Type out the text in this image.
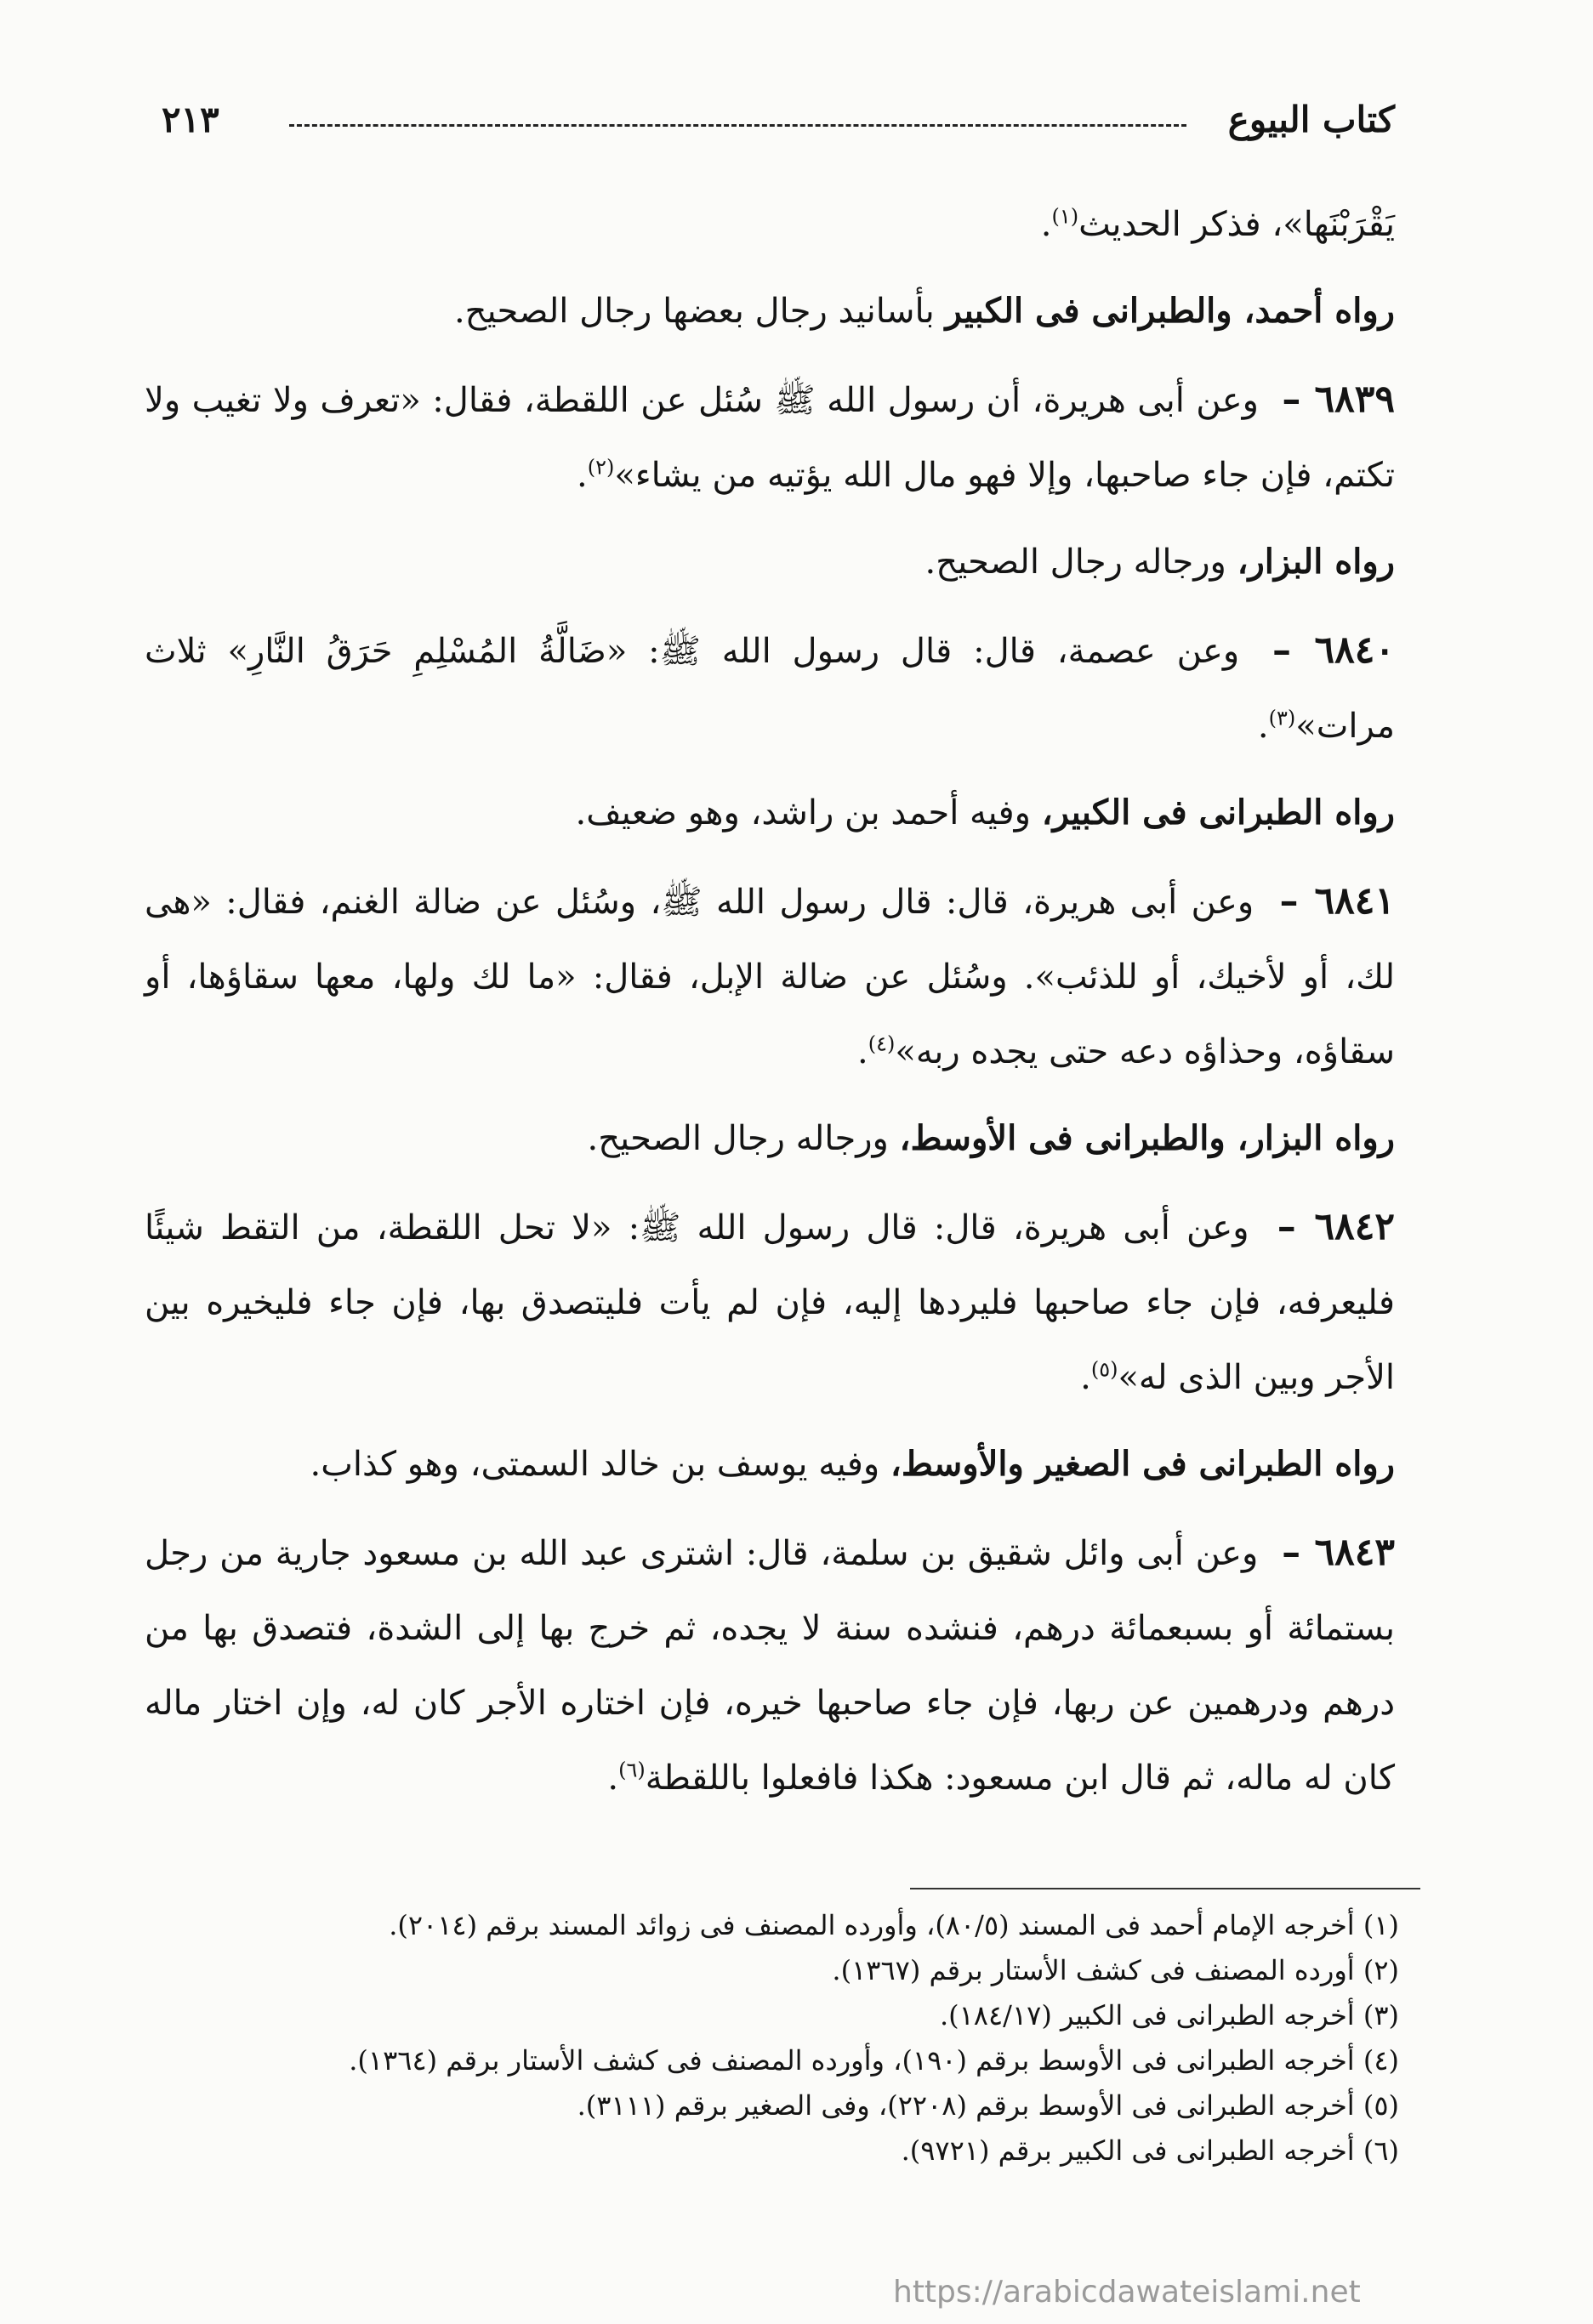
كتاب البيوع
٢١٣

يَقْرَبْنَها»، فذكر الحديث$^{(١)}$.

رواه أحمد، والطبرانى فى الكبير بأسانيد رجال بعضها رجال الصحيح.

٦٨٣٩ – وعن أبى هريرة، أن رسول الله ﷺ سُئل عن اللقطة، فقال: «تعرف ولا تغيب ولا تكتم، فإن جاء صاحبها، وإلا فهو مال الله يؤتيه من يشاء»$^{(٢)}$.

رواه البزار، ورجاله رجال الصحيح.

٦٨٤٠ – وعن عصمة، قال: قال رسول الله ﷺ: «ضَالَّةُ المُسْلِمِ حَرَقُ النَّارِ» ثلاث مرات»$^{(٣)}$.

رواه الطبرانى فى الكبير، وفيه أحمد بن راشد، وهو ضعيف.

٦٨٤١ – وعن أبى هريرة، قال: قال رسول الله ﷺ، وسُئل عن ضالة الغنم، فقال: «هى لك، أو لأخيك، أو للذئب». وسُئل عن ضالة الإبل، فقال: «ما لك ولها، معها سقاؤها، أو سقاؤه، وحذاؤه دعه حتى يجده ربه»$^{(٤)}$.

رواه البزار، والطبرانى فى الأوسط، ورجاله رجال الصحيح.

٦٨٤٢ – وعن أبى هريرة، قال: قال رسول الله ﷺ: «لا تحل اللقطة، من التقط شيئًا فليعرفه، فإن جاء صاحبها فليردها إليه، فإن لم يأت فليتصدق بها، فإن جاء فليخيره بين الأجر وبين الذى له»$^{(٥)}$.

رواه الطبرانى فى الصغير والأوسط، وفيه يوسف بن خالد السمتى، وهو كذاب.

٦٨٤٣ – وعن أبى وائل شقيق بن سلمة، قال: اشترى عبد الله بن مسعود جارية من رجل بستمائة أو بسبعمائة درهم، فنشده سنة لا يجده، ثم خرج بها إلى الشدة، فتصدق بها من درهم ودرهمين عن ربها، فإن جاء صاحبها خيره، فإن اختاره الأجر كان له، وإن اختار ماله كان له ماله، ثم قال ابن مسعود: هكذا فافعلوا باللقطة$^{(٦)}$.

(١) أخرجه الإمام أحمد فى المسند (٨٠/٥)، وأورده المصنف فى زوائد المسند برقم (٢٠١٤).

(٢) أورده المصنف فى كشف الأستار برقم (١٣٦٧).

(٣) أخرجه الطبرانى فى الكبير (١٨٤/١٧).

(٤) أخرجه الطبرانى فى الأوسط برقم (١٩٠)، وأورده المصنف فى كشف الأستار برقم (١٣٦٤).

(٥) أخرجه الطبرانى فى الأوسط برقم (٢٢٠٨)، وفى الصغير برقم (٣١١١).

(٦) أخرجه الطبرانى فى الكبير برقم (٩٧٢١).

https://arabicdawateislami.net
